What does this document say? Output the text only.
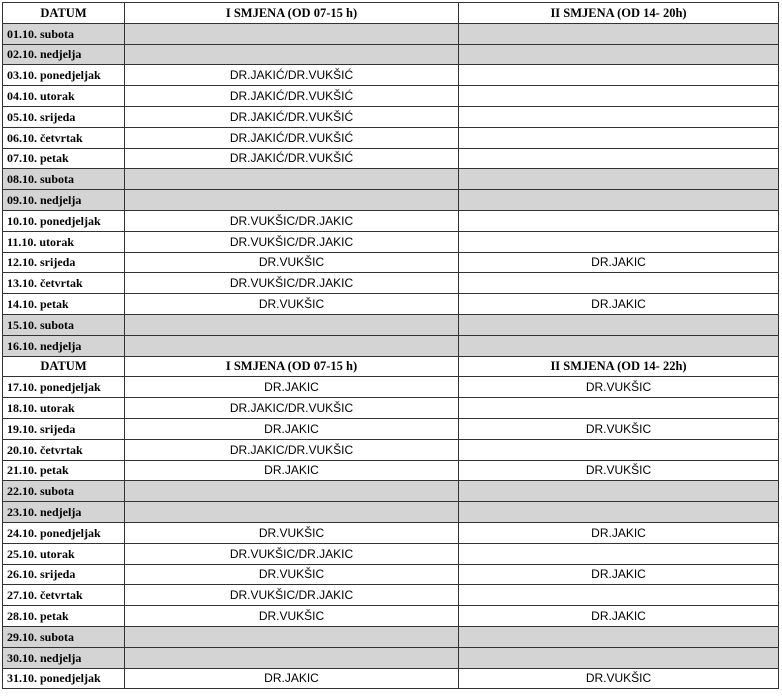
DATUM	I SMJENA (OD 07-15 h)	II SMJENA (OD 14- 20h)
01.10. subota		
02.10. nedjelja		
03.10. ponedjeljak	DR.JAKIĆ/DR.VUKŠIĆ	
04.10. utorak	DR.JAKIĆ/DR.VUKŠIĆ	
05.10. srijeda	DR.JAKIĆ/DR.VUKŠIĆ	
06.10. četvrtak	DR.JAKIĆ/DR.VUKŠIĆ	
07.10. petak	DR.JAKIĆ/DR.VUKŠIĆ	
08.10. subota		
09.10. nedjelja		
10.10. ponedjeljak	DR.VUKŠIC/DR.JAKIC	
11.10. utorak	DR.VUKŠIC/DR.JAKIC	
12.10. srijeda	DR.VUKŠIC	DR.JAKIC
13.10. četvrtak	DR.VUKŠIC/DR.JAKIC	
14.10. petak	DR.VUKŠIC	DR.JAKIC
15.10. subota		
16.10. nedjelja		
DATUM	I SMJENA (OD 07-15 h)	II SMJENA (OD 14- 22h)
17.10. ponedjeljak	DR.JAKIC	DR.VUKŠIC
18.10. utorak	DR.JAKIC/DR.VUKŠIC	
19.10. srijeda	DR.JAKIC	DR.VUKŠIC
20.10. četvrtak	DR.JAKIC/DR.VUKŠIC	
21.10. petak	DR.JAKIC	DR.VUKŠIC
22.10. subota		
23.10. nedjelja		
24.10. ponedjeljak	DR.VUKŠIC	DR.JAKIC
25.10. utorak	DR.VUKŠIC/DR.JAKIC	
26.10. srijeda	DR.VUKŠIC	DR.JAKIC
27.10. četvrtak	DR.VUKŠIC/DR.JAKIC	
28.10. petak	DR.VUKŠIC	DR.JAKIC
29.10. subota		
30.10. nedjelja		
31.10. ponedjeljak	DR.JAKIC	DR.VUKŠIC
